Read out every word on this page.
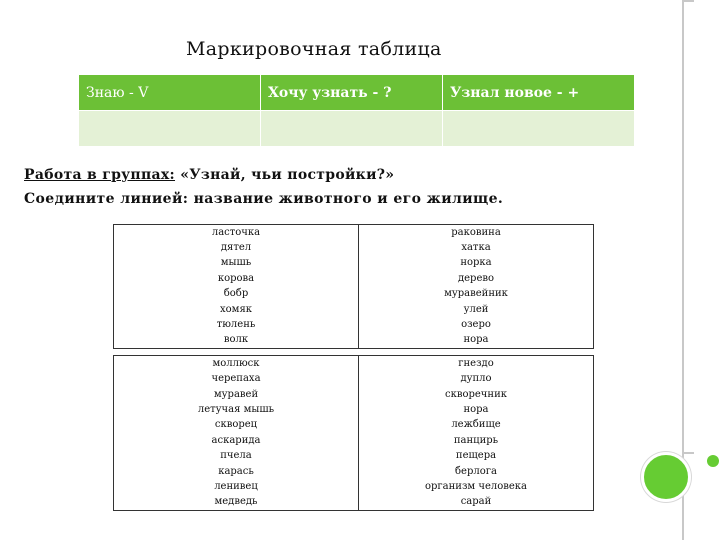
Маркировочная таблица
Знаю - V	Хочу узнать - ?	Узнал новое - +

Работа в группах: «Узнай, чьи постройки?»
Соедините линией: название животного и его жилище.
ласточка	раковина
дятел	хатка
мышь	норка
корова	дерево
бобр	муравейник
хомяк	улей
тюлень	озеро
волк	нора

моллюск	гнездо
черепаха	дупло
муравей	скворечник
летучая мышь	нора
скворец	лежбище
аскарида	панцирь
пчела	пещера
карась	берлога
ленивец	организм человека
медведь	сарай
